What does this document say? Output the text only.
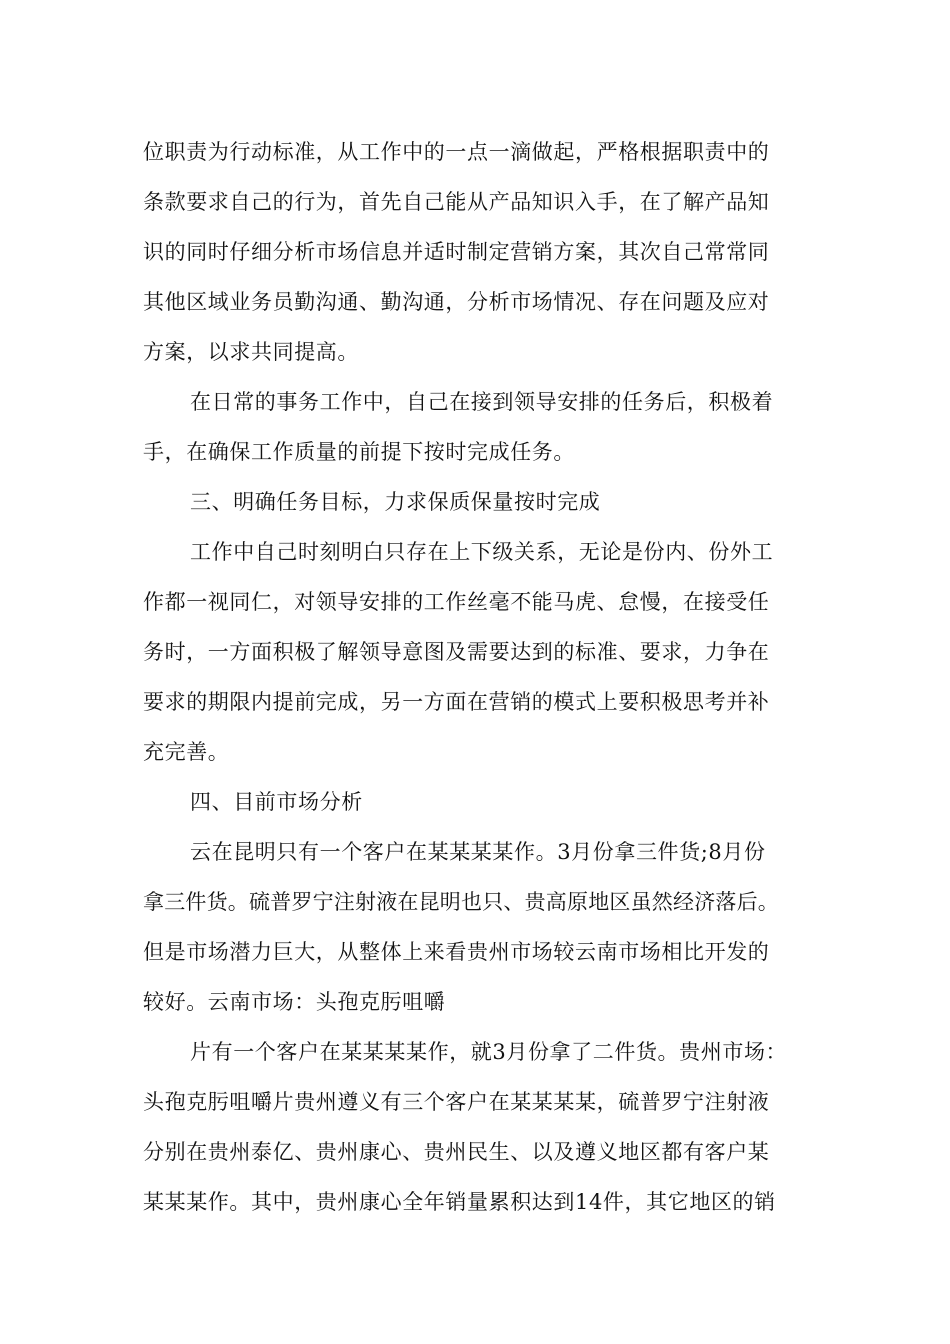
位职责为行动标准，从工作中的一点一滴做起，严格根据职责中的
条款要求自己的行为，首先自己能从产品知识入手，在了解产品知
识的同时仔细分析市场信息并适时制定营销方案，其次自己常常同
其他区域业务员勤沟通、勤沟通，分析市场情况、存在问题及应对
方案，以求共同提高。
在日常的事务工作中，自己在接到领导安排的任务后，积极着
手，在确保工作质量的前提下按时完成任务。
三、明确任务目标，力求保质保量按时完成
工作中自己时刻明白只存在上下级关系，无论是份内、份外工
作都一视同仁，对领导安排的工作丝毫不能马虎、怠慢，在接受任
务时，一方面积极了解领导意图及需要达到的标准、要求，力争在
要求的期限内提前完成，另一方面在营销的模式上要积极思考并补
充完善。
四、目前市场分析
云在昆明只有一个客户在某某某某作。3月份拿三件货;8月份
拿三件货。硫普罗宁注射液在昆明也只、贵高原地区虽然经济落后。
但是市场潜力巨大，从整体上来看贵州市场较云南市场相比开发的
较好。云南市场：头孢克肟咀嚼
片有一个客户在某某某某作，就3月份拿了二件货。贵州市场：
头孢克肟咀嚼片贵州遵义有三个客户在某某某某，硫普罗宁注射液
分别在贵州泰亿、贵州康心、贵州民生、以及遵义地区都有客户某
某某某作。其中，贵州康心全年销量累积达到14件，其它地区的销
